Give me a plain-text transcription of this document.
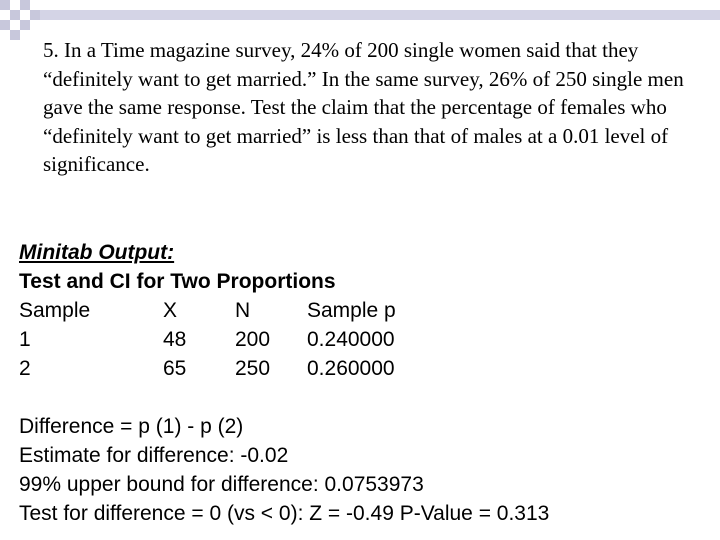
5. In a Time magazine survey, 24% of 200 single women said that they “definitely want to get married.” In the same survey, 26% of 250 single men gave the same response. Test the claim that the percentage of females who “definitely want to get married” is less than that of males at a 0.01 level of significance.

Minitab Output:
Test and CI for Two Proportions
Sample	X	N	Sample p
1	48 200 0.240000
2	65 250 0.260000
Difference = p (1) - p (2)
Estimate for difference: -0.02
99% upper bound for difference: 0.0753973
Test for difference = 0 (vs < 0): Z = -0.49 P-Value = 0.313
